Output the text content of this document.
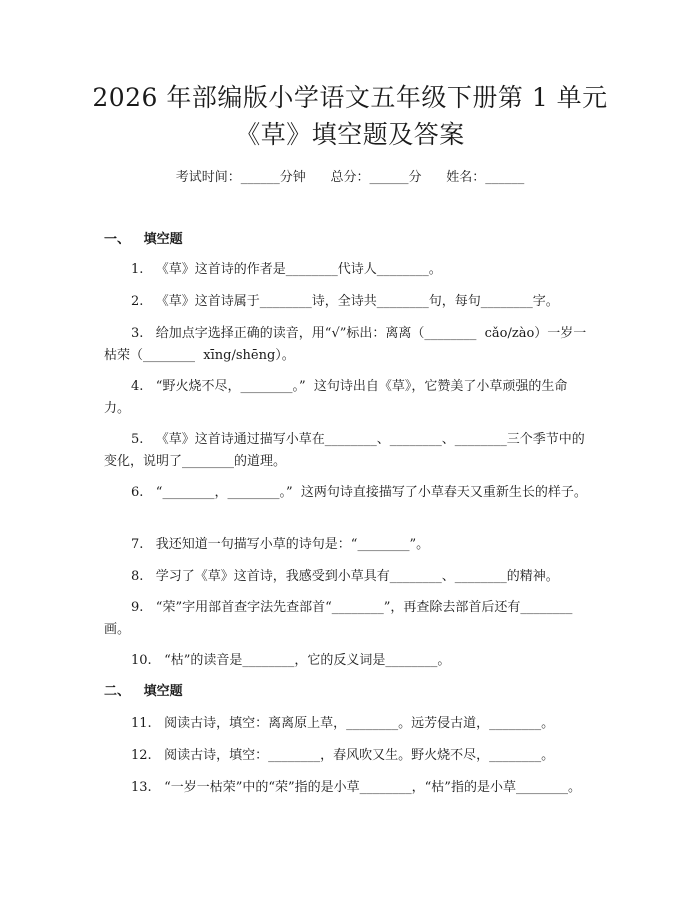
2026 年部编版小学语文五年级下册第 1 单元
《草》填空题及答案
考试时间：______分钟      总分：______分      姓名：______
一、   填空题
1.   《草》这首诗的作者是________代诗人________。
2.   《草》这首诗属于________诗，全诗共________句，每句________字。
3.   给加点字选择正确的读音，用“√”标出：离离（________  cǎo/zào）一岁一枯荣（________  xīng/shēng）。
4.   “野火烧不尽，________。”  这句诗出自《草》，它赞美了小草顽强的生命力。
5.   《草》这首诗通过描写小草在________、________、________三个季节中的变化，说明了________的道理。
6.   “________，________。”  这两句诗直接描写了小草春天又重新生长的样子。
7.   我还知道一句描写小草的诗句是：“________”。
8.   学习了《草》这首诗，我感受到小草具有________、________的精神。
9.   “荣”字用部首查字法先查部首“________”，再查除去部首后还有________画。
10.   “枯”的读音是________，它的反义词是________。
二、   填空题
11.   阅读古诗，填空：离离原上草，________。远芳侵古道，________。
12.   阅读古诗，填空：________，春风吹又生。野火烧不尽，________。
13.   “一岁一枯荣”中的“荣”指的是小草________，“枯”指的是小草________。
